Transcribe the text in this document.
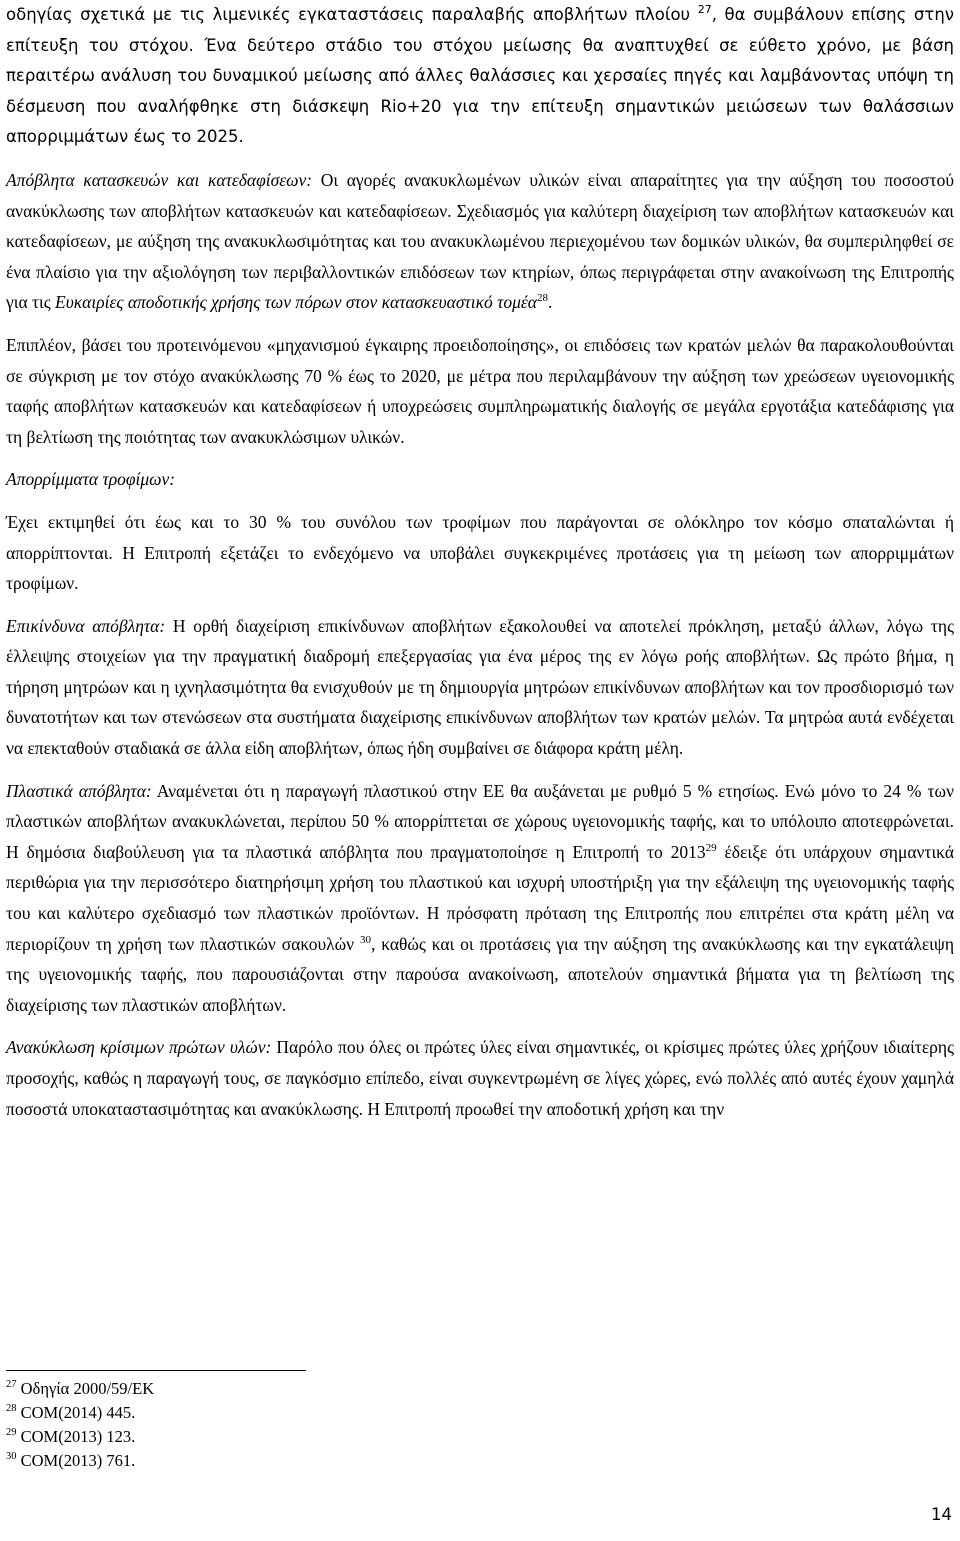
οδηγίας σχετικά με τις λιμενικές εγκαταστάσεις παραλαβής αποβλήτων πλοίου $^{27}$, θα συμβάλουν επίσης στην επίτευξη του στόχου. Ένα δεύτερο στάδιο του στόχου μείωσης θα αναπτυχθεί σε εύθετο χρόνο, με βάση περαιτέρω ανάλυση του δυναμικού μείωσης από άλλες θαλάσσιες και χερσαίες πηγές και λαμβάνοντας υπόψη τη δέσμευση που αναλήφθηκε στη διάσκεψη Rio+20 για την επίτευξη σημαντικών μειώσεων των θαλάσσιων απορριμμάτων έως το 2025.

Απόβλητα κατασκευών και κατεδαφίσεων: Οι αγορές ανακυκλωμένων υλικών είναι απαραίτητες για την αύξηση του ποσοστού ανακύκλωσης των αποβλήτων κατασκευών και κατεδαφίσεων. Σχεδιασμός για καλύτερη διαχείριση των αποβλήτων κατασκευών και κατεδαφίσεων, με αύξηση της ανακυκλωσιμότητας και του ανακυκλωμένου περιεχομένου των δομικών υλικών, θα συμπεριληφθεί σε ένα πλαίσιο για την αξιολόγηση των περιβαλλοντικών επιδόσεων των κτηρίων, όπως περιγράφεται στην ανακοίνωση της Επιτροπής για τις Ευκαιρίες αποδοτικής χρήσης των πόρων στον κατασκευαστικό τομέα$^{28}$.

Επιπλέον, βάσει του προτεινόμενου «μηχανισμού έγκαιρης προειδοποίησης», οι επιδόσεις των κρατών μελών θα παρακολουθούνται σε σύγκριση με τον στόχο ανακύκλωσης 70 % έως το 2020, με μέτρα που περιλαμβάνουν την αύξηση των χρεώσεων υγειονομικής ταφής αποβλήτων κατασκευών και κατεδαφίσεων ή υποχρεώσεις συμπληρωματικής διαλογής σε μεγάλα εργοτάξια κατεδάφισης για τη βελτίωση της ποιότητας των ανακυκλώσιμων υλικών.

Απορρίμματα τροφίμων:

Έχει εκτιμηθεί ότι έως και το 30 % του συνόλου των τροφίμων που παράγονται σε ολόκληρο τον κόσμο σπαταλώνται ή απορρίπτονται. Η Επιτροπή εξετάζει το ενδεχόμενο να υποβάλει συγκεκριμένες προτάσεις για τη μείωση των απορριμμάτων τροφίμων.

Επικίνδυνα απόβλητα: Η ορθή διαχείριση επικίνδυνων αποβλήτων εξακολουθεί να αποτελεί πρόκληση, μεταξύ άλλων, λόγω της έλλειψης στοιχείων για την πραγματική διαδρομή επεξεργασίας για ένα μέρος της εν λόγω ροής αποβλήτων. Ως πρώτο βήμα, η τήρηση μητρώων και η ιχνηλασιμότητα θα ενισχυθούν με τη δημιουργία μητρώων επικίνδυνων αποβλήτων και τον προσδιορισμό των δυνατοτήτων και των στενώσεων στα συστήματα διαχείρισης επικίνδυνων αποβλήτων των κρατών μελών. Τα μητρώα αυτά ενδέχεται να επεκταθούν σταδιακά σε άλλα είδη αποβλήτων, όπως ήδη συμβαίνει σε διάφορα κράτη μέλη.

Πλαστικά απόβλητα: Αναμένεται ότι η παραγωγή πλαστικού στην ΕΕ θα αυξάνεται με ρυθμό 5 % ετησίως. Ενώ μόνο το 24 % των πλαστικών αποβλήτων ανακυκλώνεται, περίπου 50 % απορρίπτεται σε χώρους υγειονομικής ταφής, και το υπόλοιπο αποτεφρώνεται. Η δημόσια διαβούλευση για τα πλαστικά απόβλητα που πραγματοποίησε η Επιτροπή το 2013$^{29}$ έδειξε ότι υπάρχουν σημαντικά περιθώρια για την περισσότερο διατηρήσιμη χρήση του πλαστικού και ισχυρή υποστήριξη για την εξάλειψη της υγειονομικής ταφής του και καλύτερο σχεδιασμό των πλαστικών προϊόντων. Η πρόσφατη πρόταση της Επιτροπής που επιτρέπει στα κράτη μέλη να περιορίζουν τη χρήση των πλαστικών σακουλών $^{30}$, καθώς και οι προτάσεις για την αύξηση της ανακύκλωσης και την εγκατάλειψη της υγειονομικής ταφής, που παρουσιάζονται στην παρούσα ανακοίνωση, αποτελούν σημαντικά βήματα για τη βελτίωση της διαχείρισης των πλαστικών αποβλήτων.

Ανακύκλωση κρίσιμων πρώτων υλών: Παρόλο που όλες οι πρώτες ύλες είναι σημαντικές, οι κρίσιμες πρώτες ύλες χρήζουν ιδιαίτερης προσοχής, καθώς η παραγωγή τους, σε παγκόσμιο επίπεδο, είναι συγκεντρωμένη σε λίγες χώρες, ενώ πολλές από αυτές έχουν χαμηλά ποσοστά υποκαταστασιμότητας και ανακύκλωσης. Η Επιτροπή προωθεί την αποδοτική χρήση και την

$^{27}$ Οδηγία 2000/59/ΕΚ

$^{28}$ COM(2014) 445.

$^{29}$ COM(2013) 123.

$^{30}$ COM(2013) 761.

14
